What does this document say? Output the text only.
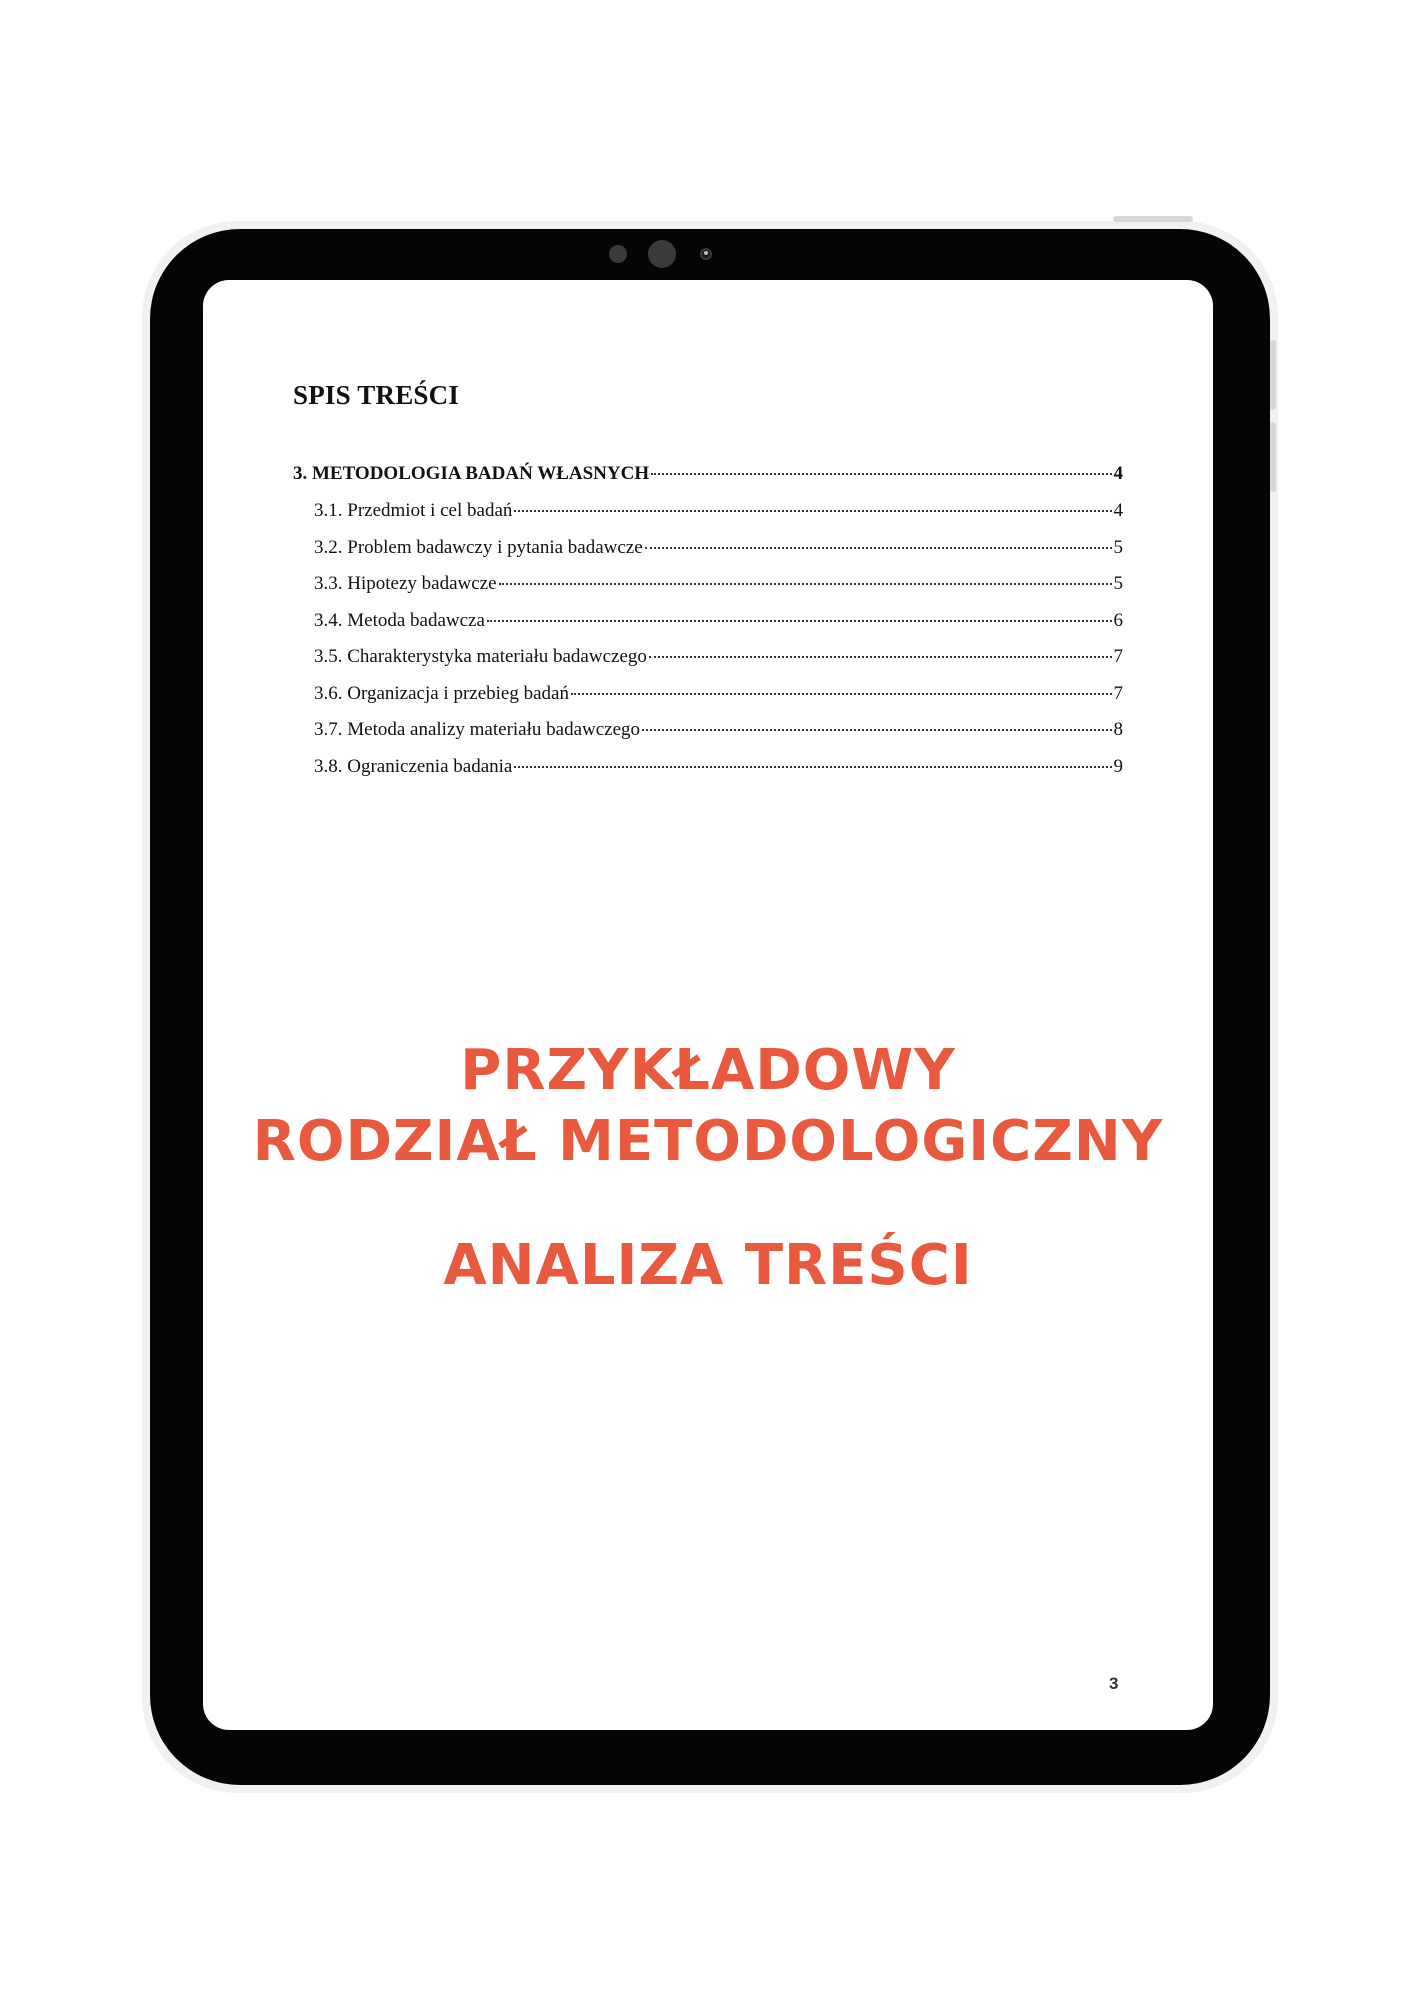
SPIS TREŚCI
3. METODOLOGIA BADAŃ WŁASNYCH	4
3.1. Przedmiot i cel badań	4
3.2. Problem badawczy i pytania badawcze	5
3.3. Hipotezy badawcze	5
3.4. Metoda badawcza	6
3.5. Charakterystyka materiału badawczego	7
3.6. Organizacja i przebieg badań	7
3.7. Metoda analizy materiału badawczego	8
3.8. Ograniczenia badania	9

PRZYKŁADOWY

RODZIAŁ METODOLOGICZNY

ANALIZA TREŚCI

3
